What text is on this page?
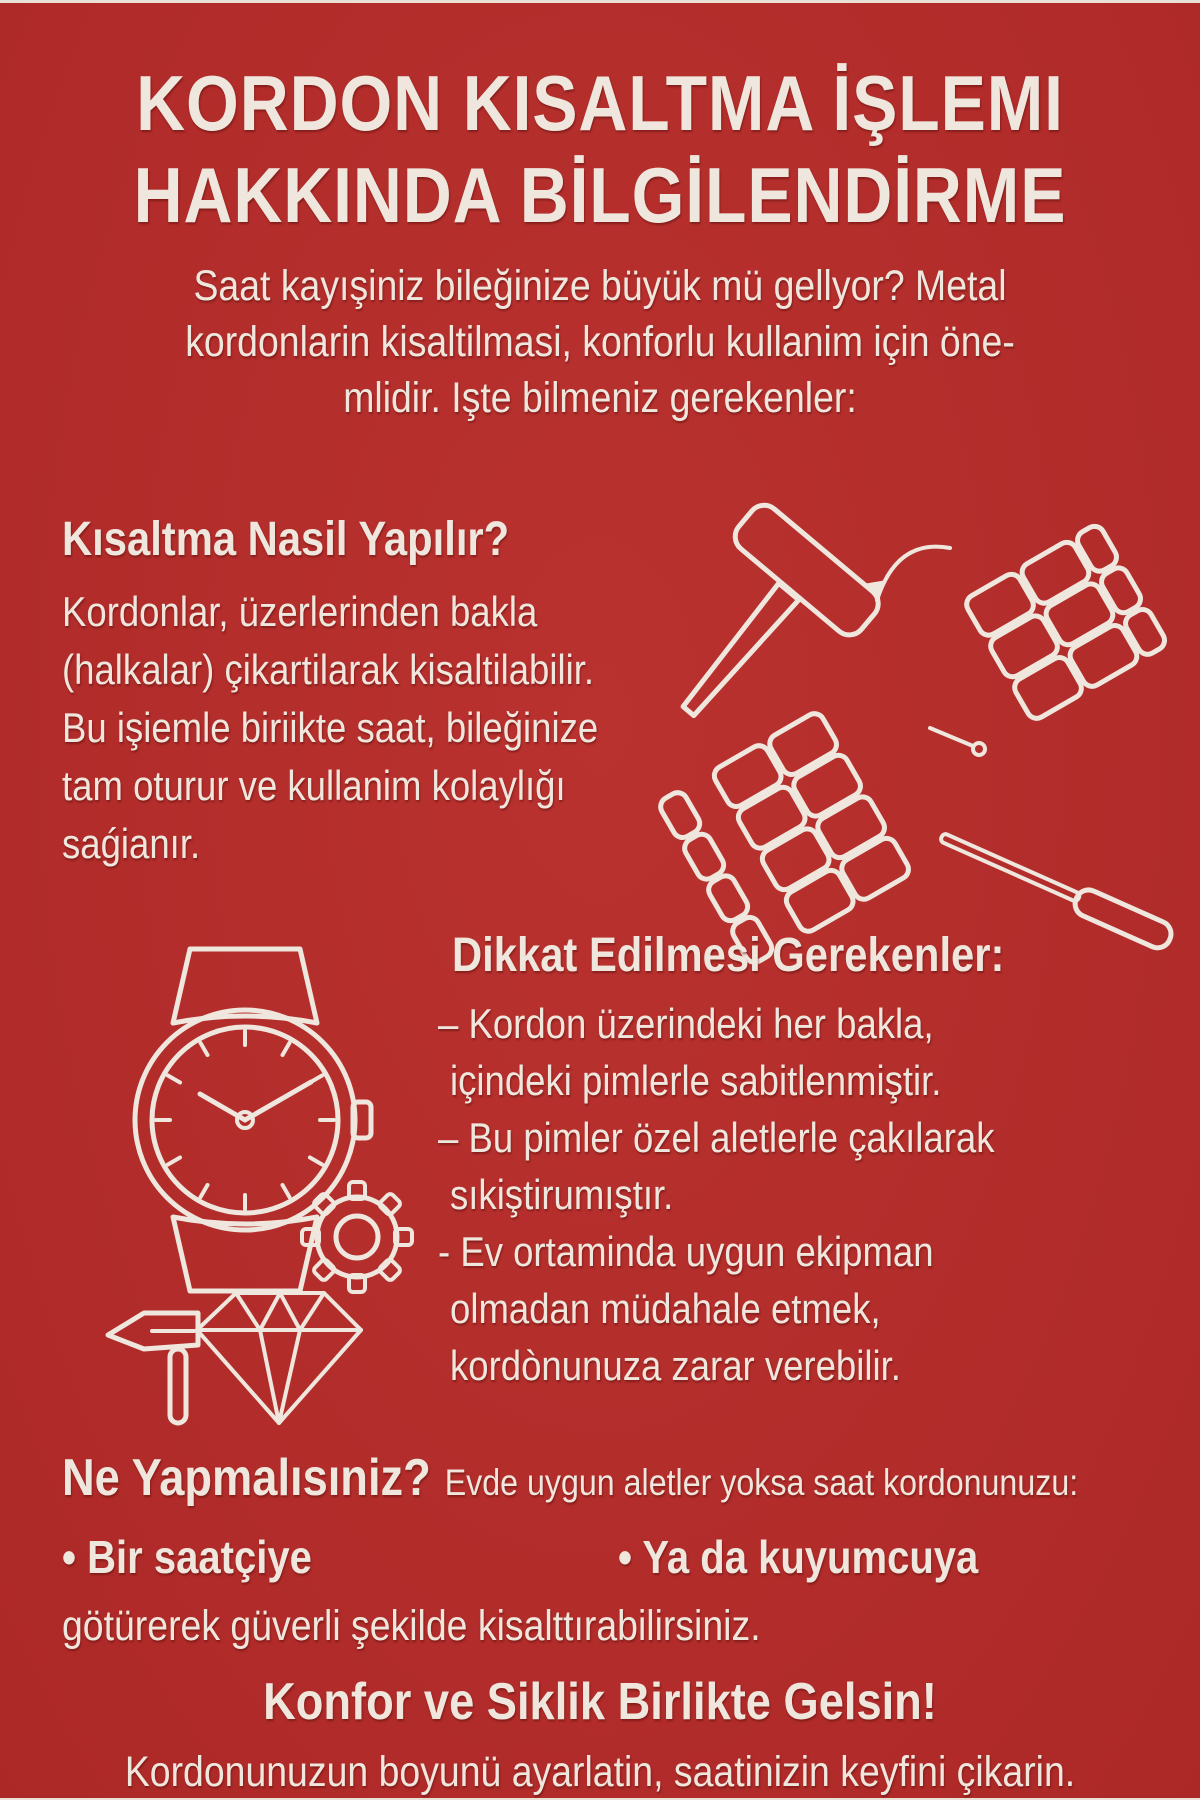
KORDON KISALTMA İŞLEMI
HAKKINDA BİLGİLENDİRME
Saat kayışiniz bileğinize büyük mü gellyor? Metal
kordonlarin kisaltilmasi, konforlu kullanim için öne-
mlidir. Işte bilmeniz gerekenler:
Kısaltma Nasil Yapılır?
Kordonlar, üzerlerinden bakla
(halkalar) çikartilarak kisaltilabilir.
Bu işiemle biriikte saat, bileğinize
tam oturur ve kullanim kolaylığı
saǵianır.
Dikkat Edilmesi Gerekenler:
– Kordon üzerindeki her bakla,
içindeki pimlerle sabitlenmiştir.
– Bu pimler özel aletlerle çakılarak
sıkiştirumıştır.
- Ev ortaminda uygun ekipman
olmadan müdahale etmek,
kordònunuza zarar verebilir.
Ne Yapmalısıniz? Evde uygun aletler yoksa saat kordonunuzu:
• Bir saatçiye	• Ya da kuyumcuya
götürerek güverli şekilde kisalttırabilirsiniz.
Konfor ve Siklik Birlikte Gelsin!
Kordonunuzun boyunü ayarlatin, saatinizin keyfini çikarin.
